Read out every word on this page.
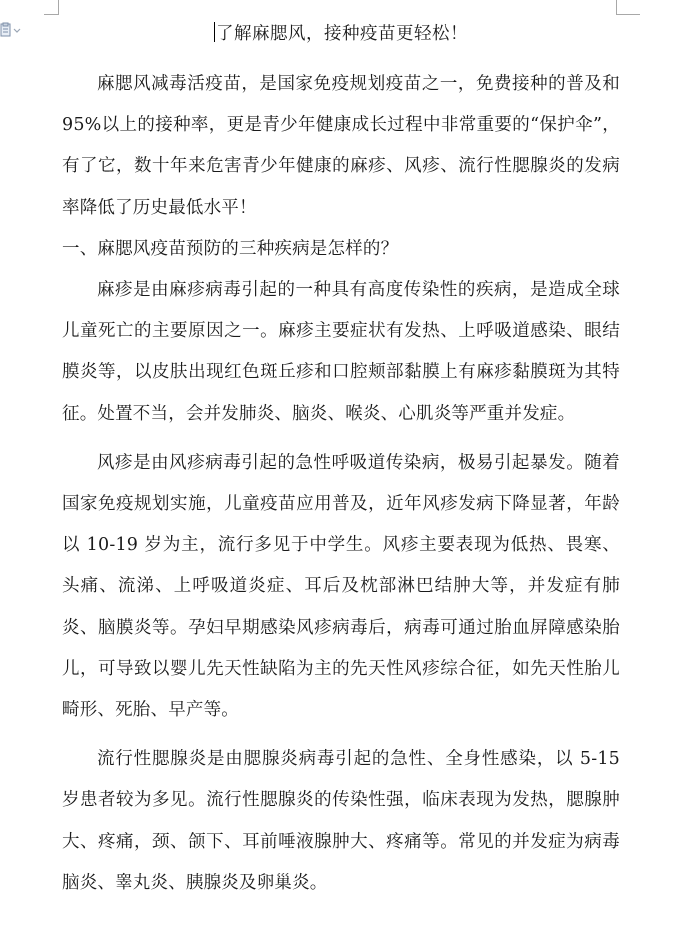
了解麻腮风，接种疫苗更轻松！

麻腮风减毒活疫苗，是国家免疫规划疫苗之一，免费接种的普及和 95%以上的接种率，更是青少年健康成长过程中非常重要的“保护伞”，有了它，数十年来危害青少年健康的麻疹、风疹、流行性腮腺炎的发病率降低了历史最低水平！

一、麻腮风疫苗预防的三种疾病是怎样的？

麻疹是由麻疹病毒引起的一种具有高度传染性的疾病，是造成全球儿童死亡的主要原因之一。麻疹主要症状有发热、上呼吸道感染、眼结膜炎等，以皮肤出现红色斑丘疹和口腔颊部黏膜上有麻疹黏膜斑为其特征。处置不当，会并发肺炎、脑炎、喉炎、心肌炎等严重并发症。

风疹是由风疹病毒引起的急性呼吸道传染病，极易引起暴发。随着国家免疫规划实施，儿童疫苗应用普及，近年风疹发病下降显著，年龄以 10-19 岁为主，流行多见于中学生。风疹主要表现为低热、畏寒、头痛、流涕、上呼吸道炎症、耳后及枕部淋巴结肿大等，并发症有肺炎、脑膜炎等。孕妇早期感染风疹病毒后，病毒可通过胎血屏障感染胎儿，可导致以婴儿先天性缺陷为主的先天性风疹综合征，如先天性胎儿畸形、死胎、早产等。

流行性腮腺炎是由腮腺炎病毒引起的急性、全身性感染，以 5-15 岁患者较为多见。流行性腮腺炎的传染性强，临床表现为发热，腮腺肿大、疼痛，颈、颌下、耳前唾液腺肿大、疼痛等。常见的并发症为病毒脑炎、睾丸炎、胰腺炎及卵巢炎。
